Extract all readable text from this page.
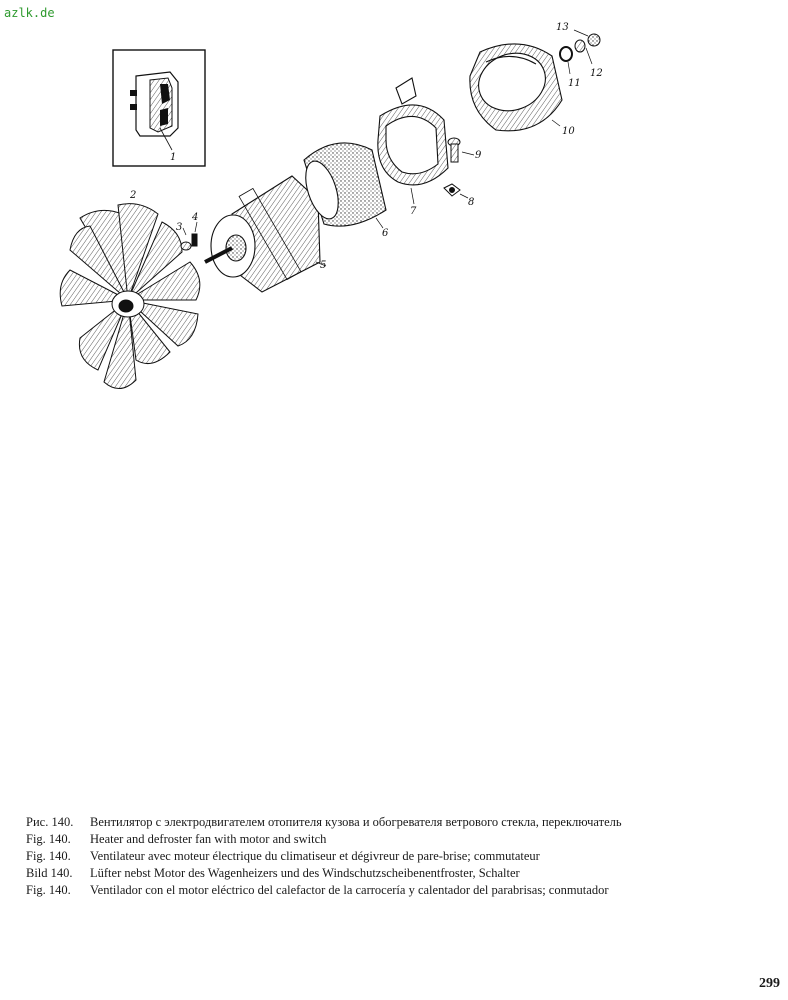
azlk.de
1
2
3
4
5
6
7
8
9
10
11
12
13
Рис. 140.	Вентилятор с электродвигателем отопителя кузова и обогревателя ветрового стекла, переключатель
Fig. 140.	Heater and defroster fan with motor and switch
Fig. 140.	Ventilateur avec moteur électrique du climatiseur et dégivreur de pare-brise; commutateur
Bild 140.	Lüfter nebst Motor des Wagenheizers und des Windschutzscheibenentfroster, Schalter
Fig. 140.	Ventilador con el motor eléctrico del calefactor de la carrocería y calentador del parabrisas; conmutador
299
